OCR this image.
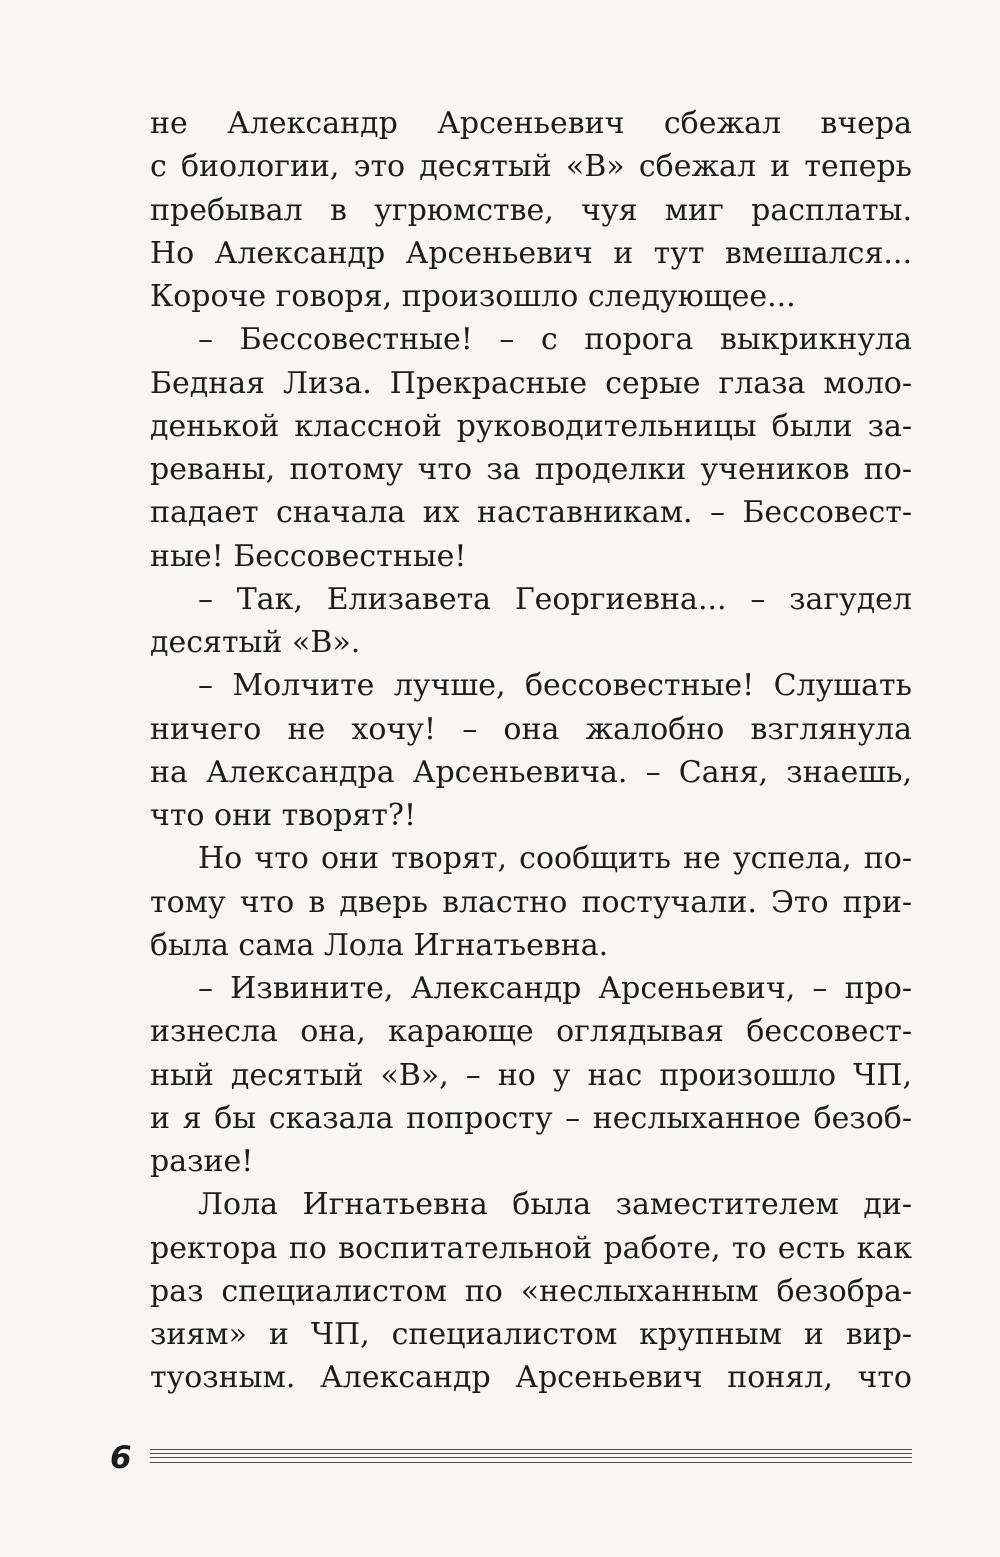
не Александр Арсеньевич сбежал вчера
с биологии, это десятый «В» сбежал и теперь
пребывал в угрюмстве, чуя миг расплаты.
Но Александр Арсеньевич и тут вмешался...
Короче говоря, произошло следующее...
– Бессовестные! – с порога выкрикнула
Бедная Лиза. Прекрасные серые глаза моло-
денькой классной руководительницы были за-
реваны, потому что за проделки учеников по-
падает сначала их наставникам. – Бессовест-
ные! Бессовестные!
– Так, Елизавета Георгиевна... – загудел
десятый «В».
– Молчите лучше, бессовестные! Слушать
ничего не хочу! – она жалобно взглянула
на Александра Арсеньевича. – Саня, знаешь,
что они творят?!
Но что они творят, сообщить не успела, по-
тому что в дверь властно постучали. Это при-
была сама Лола Игнатьевна.
– Извините, Александр Арсеньевич, – про-
изнесла она, карающе оглядывая бессовест-
ный десятый «В», – но у нас произошло ЧП,
и я бы сказала попросту – неслыханное безоб-
разие!
Лола Игнатьевна была заместителем ди-
ректора по воспитательной работе, то есть как
раз специалистом по «неслыханным безобра-
зиям» и ЧП, специалистом крупным и вир-
туозным. Александр Арсеньевич понял, что
6
